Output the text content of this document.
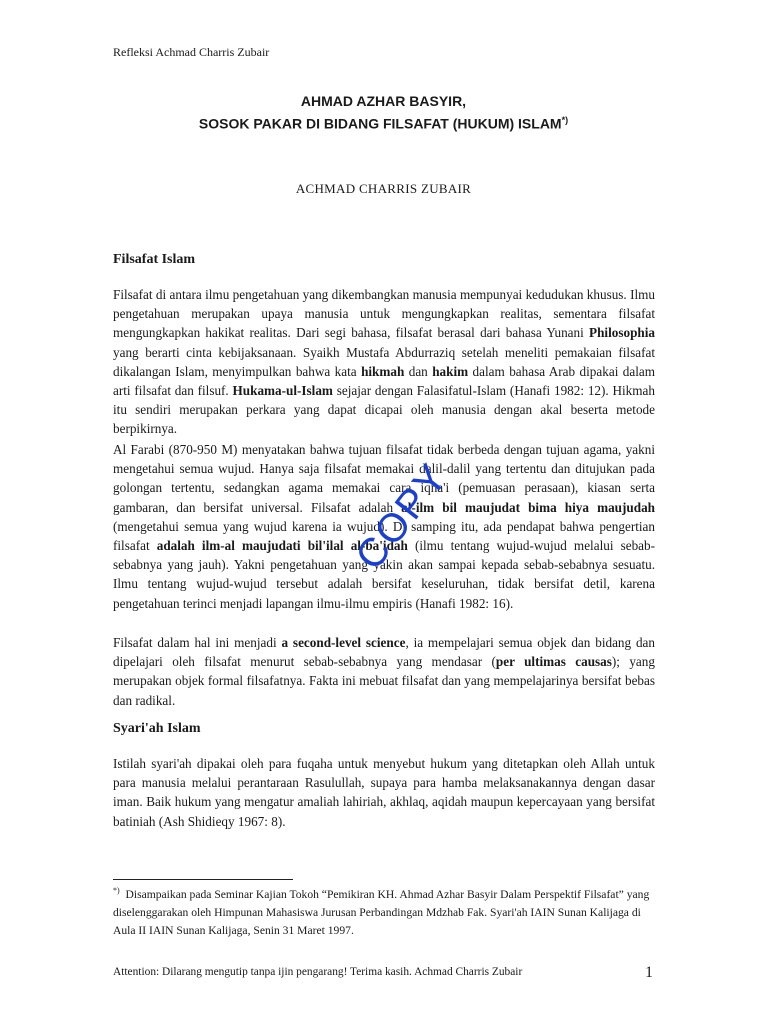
Refleksi Achmad Charris Zubair
AHMAD AZHAR BASYIR,
SOSOK PAKAR DI BIDANG FILSAFAT (HUKUM) ISLAM*)
ACHMAD CHARRIS ZUBAIR
Filsafat Islam
Filsafat di antara ilmu pengetahuan yang dikembangkan manusia mempunyai kedudukan khusus. Ilmu pengetahuan merupakan upaya manusia untuk mengungkapkan realitas, sementara filsafat mengungkapkan hakikat realitas. Dari segi bahasa, filsafat berasal dari bahasa Yunani Philosophia yang berarti cinta kebijaksanaan. Syaikh Mustafa Abdurraziq setelah meneliti pemakaian filsafat dikalangan Islam, menyimpulkan bahwa kata hikmah dan hakim dalam bahasa Arab dipakai dalam arti filsafat dan filsuf. Hukama-ul-Islam sejajar dengan Falasifatul-Islam (Hanafi 1982: 12). Hikmah itu sendiri merupakan perkara yang dapat dicapai oleh manusia dengan akal beserta metode berpikirnya.
Al Farabi (870-950 M) menyatakan bahwa tujuan filsafat tidak berbeda dengan tujuan agama, yakni mengetahui semua wujud. Hanya saja filsafat memakai dalil-dalil yang tertentu dan ditujukan pada golongan tertentu, sedangkan agama memakai cara iqna'i (pemuasan perasaan), kiasan serta gambaran, dan bersifat universal. Filsafat adalah al-ilm bil maujudat bima hiya maujudah (mengetahui semua yang wujud karena ia wujud). Di samping itu, ada pendapat bahwa pengertian filsafat adalah ilm-al maujudati bil'ilal al-ba'idah (ilmu tentang wujud-wujud melalui sebab-sebabnya yang jauh). Yakni pengetahuan yang yakin akan sampai kepada sebab-sebabnya sesuatu. Ilmu tentang wujud-wujud tersebut adalah bersifat keseluruhan, tidak bersifat detil, karena pengetahuan terinci menjadi lapangan ilmu-ilmu empiris (Hanafi 1982: 16).
Filsafat dalam hal ini menjadi a second-level science, ia mempelajari semua objek dan bidang dan dipelajari oleh filsafat menurut sebab-sebabnya yang mendasar (per ultimas causas); yang merupakan objek formal filsafatnya. Fakta ini mebuat filsafat dan yang mempelajarinya bersifat bebas dan radikal.
Syari'ah Islam
Istilah syari'ah dipakai oleh para fuqaha untuk menyebut hukum yang ditetapkan oleh Allah untuk para manusia melalui perantaraan Rasulullah, supaya para hamba melaksanakannya dengan dasar iman. Baik hukum yang mengatur amaliah lahiriah, akhlaq, aqidah maupun kepercayaan yang bersifat batiniah (Ash Shidieqy 1967: 8).
*) Disampaikan pada Seminar Kajian Tokoh “Pemikiran KH. Ahmad Azhar Basyir Dalam Perspektif Filsafat” yang diselenggarakan oleh Himpunan Mahasiswa Jurusan Perbandingan Mdzhab Fak. Syari'ah IAIN Sunan Kalijaga di Aula II IAIN Sunan Kalijaga, Senin 31 Maret 1997.
Attention: Dilarang mengutip tanpa ijin pengarang! Terima kasih. Achmad Charris Zubair	1
COPY
